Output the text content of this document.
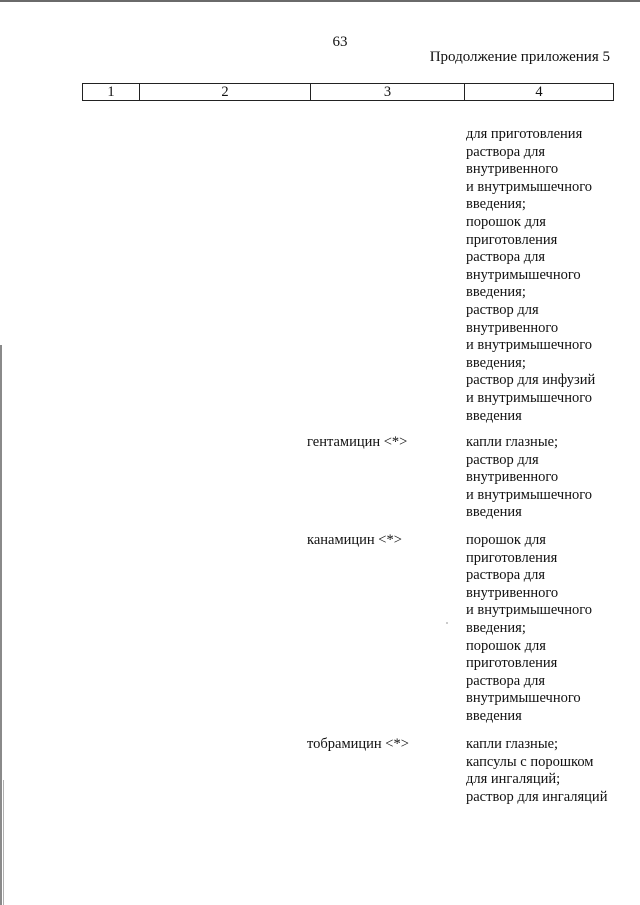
63
Продолжение приложения 5
1	2	3	4
для приготовления
раствора для
внутривенного
и внутримышечного
введения;
порошок для
приготовления
раствора для
внутримышечного
введения;
раствор для
внутривенного
и внутримышечного
введения;
раствор для инфузий
и внутримышечного
введения
гентамицин <*>	капли глазные;
раствор для
внутривенного
и внутримышечного
введения
канамицин <*>	порошок для
приготовления
раствора для
внутривенного
и внутримышечного
введения;
порошок для
приготовления
раствора для
внутримышечного
введения
тобрамицин <*>	капли глазные;
капсулы с порошком
для ингаляций;
раствор для ингаляций
